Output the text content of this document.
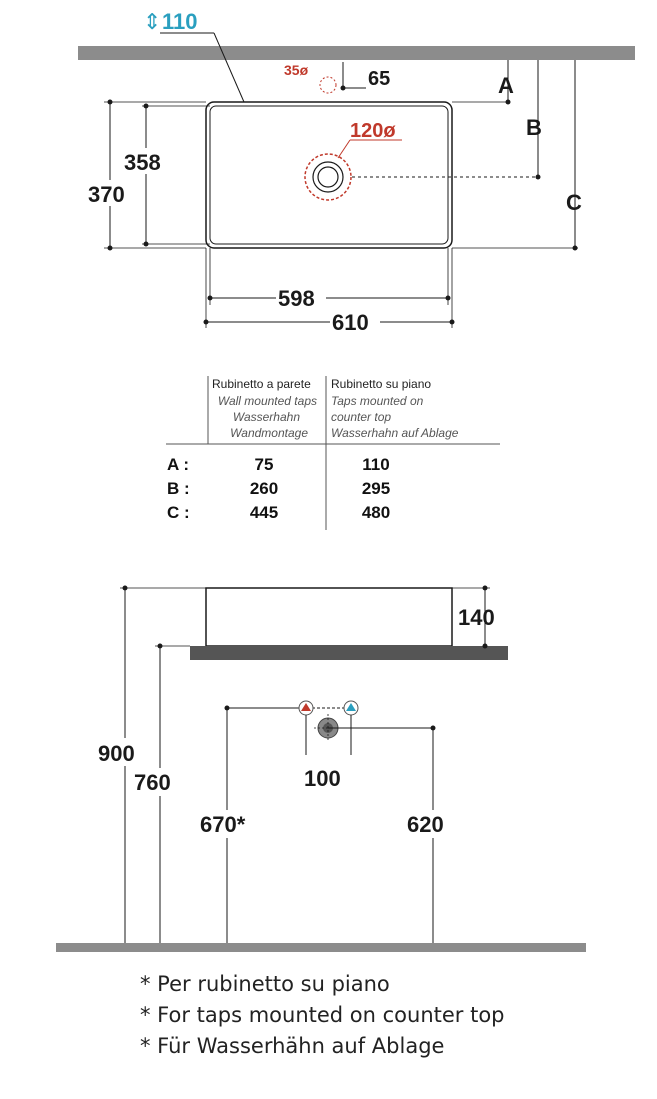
⇕ 110
35ø	65
120ø
358
370
598
610
A
B
C
Rubinetto a parete
Wall mounted taps
Wasserhahn
Wandmontage
Rubinetto su piano
Taps mounted on
counter top
Wasserhahn auf Ablage
A :	75	110
B :	260	295
C :	445	480
140
900
760	100
670*	620
* Per rubinetto su piano
* For taps mounted on counter top
* Für Wasserhähn auf Ablage
